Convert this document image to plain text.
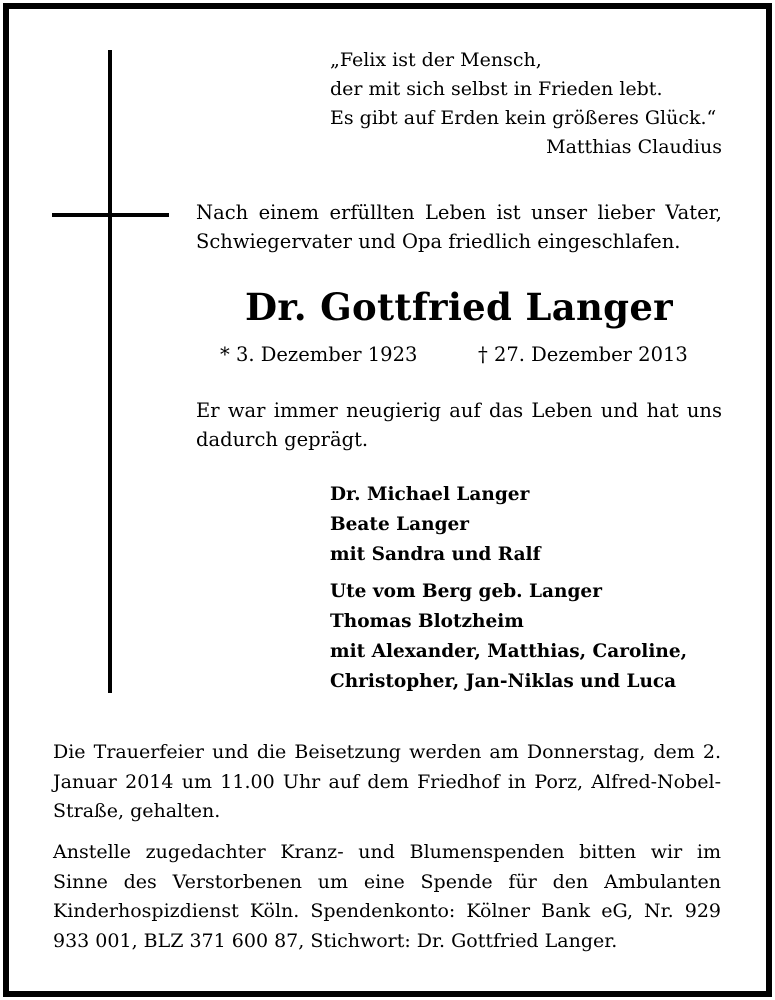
„Felix ist der Mensch,
der mit sich selbst in Frieden lebt.
Es gibt auf Erden kein größeres Glück.“
Matthias Claudius
Nach einem erfüllten Leben ist unser lieber Vater, Schwiegervater und Opa friedlich eingeschlafen.
Dr. Gottfried Langer
* 3. Dezember 1923	† 27. Dezember 2013
Er war immer neugierig auf das Leben und hat uns dadurch geprägt.
Dr. Michael Langer
Beate Langer
mit Sandra und Ralf
Ute vom Berg geb. Langer
Thomas Blotzheim
mit Alexander, Matthias, Caroline,
Christopher, Jan-Niklas und Luca
Die Trauerfeier und die Beisetzung werden am Donnerstag, dem 2. Januar 2014 um 11.00 Uhr auf dem Friedhof in Porz, Alfred-Nobel-Straße, gehalten.
Anstelle zugedachter Kranz- und Blumenspenden bitten wir im Sinne des Verstorbenen um eine Spende für den Ambulanten Kinderhospizdienst Köln. Spendenkonto: Kölner Bank eG, Nr. 929 933 001, BLZ 371 600 87, Stichwort: Dr. Gottfried Langer.
